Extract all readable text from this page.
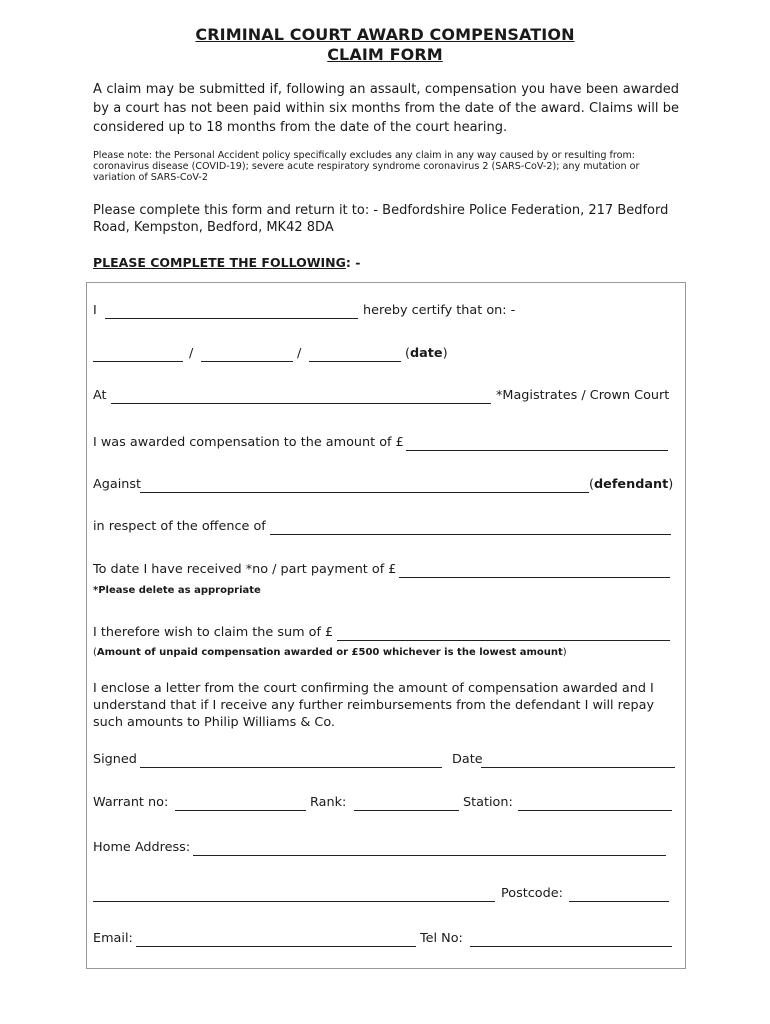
CRIMINAL COURT AWARD COMPENSATION
CLAIM FORM
A claim may be submitted if, following an assault, compensation you have been awarded by a court has not been paid within six months from the date of the award. Claims will be considered up to 18 months from the date of the court hearing.
Please note: the Personal Accident policy specifically excludes any claim in any way caused by or resulting from: coronavirus disease (COVID-19); severe acute respiratory syndrome coronavirus 2 (SARS-CoV-2); any mutation or variation of SARS-CoV-2
Please complete this form and return it to: - Bedfordshire Police Federation, 217 Bedford Road, Kempston, Bedford, MK42 8DA
PLEASE COMPLETE THE FOLLOWING: -
I	hereby certify that on: -
/	/	(date)
At	*Magistrates / Crown Court
I was awarded compensation to the amount of £
Against	(defendant)
in respect of the offence of
To date I have received *no / part payment of £
*Please delete as appropriate
I therefore wish to claim the sum of £
(Amount of unpaid compensation awarded or £500 whichever is the lowest amount)
I enclose a letter from the court confirming the amount of compensation awarded and I understand that if I receive any further reimbursements from the defendant I will repay such amounts to Philip Williams & Co.
Signed	Date
Warrant no:	Rank:	Station:
Home Address:
Postcode:
Email:	Tel No:
